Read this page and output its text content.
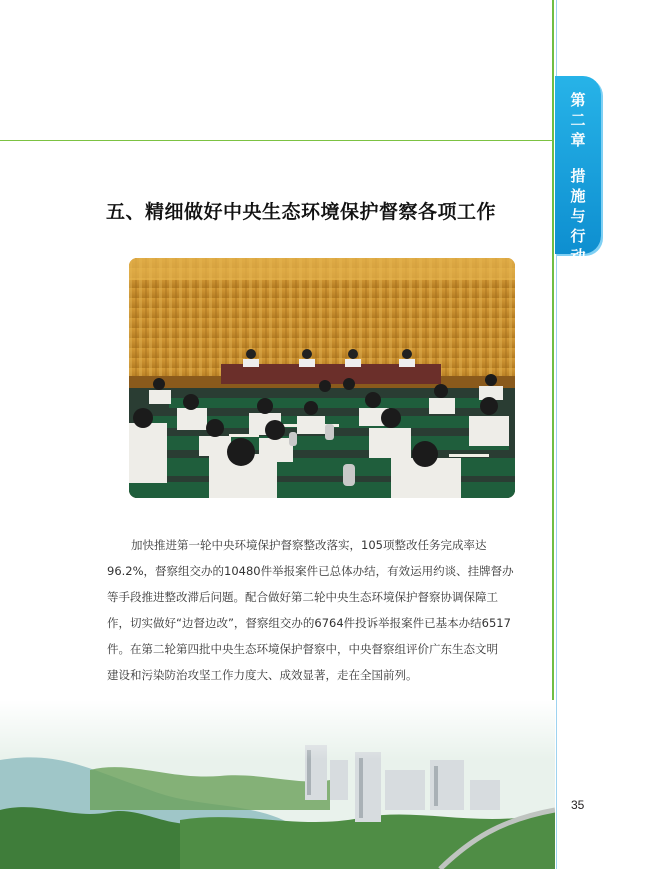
第
二
章
措
施
与
行
动
五、精细做好中央生态环境保护督察各项工作
加快推进第一轮中央环境保护督察整改落实，105项整改任务完成率达
96.2%，督察组交办的10480件举报案件已总体办结，有效运用约谈、挂牌督办
等手段推进整改滞后问题。配合做好第二轮中央生态环境保护督察协调保障工
作，切实做好“边督边改”，督察组交办的6764件投诉举报案件已基本办结6517
件。在第二轮第四批中央生态环境保护督察中，中央督察组评价广东生态文明
建设和污染防治攻坚工作力度大、成效显著，走在全国前列。
35
